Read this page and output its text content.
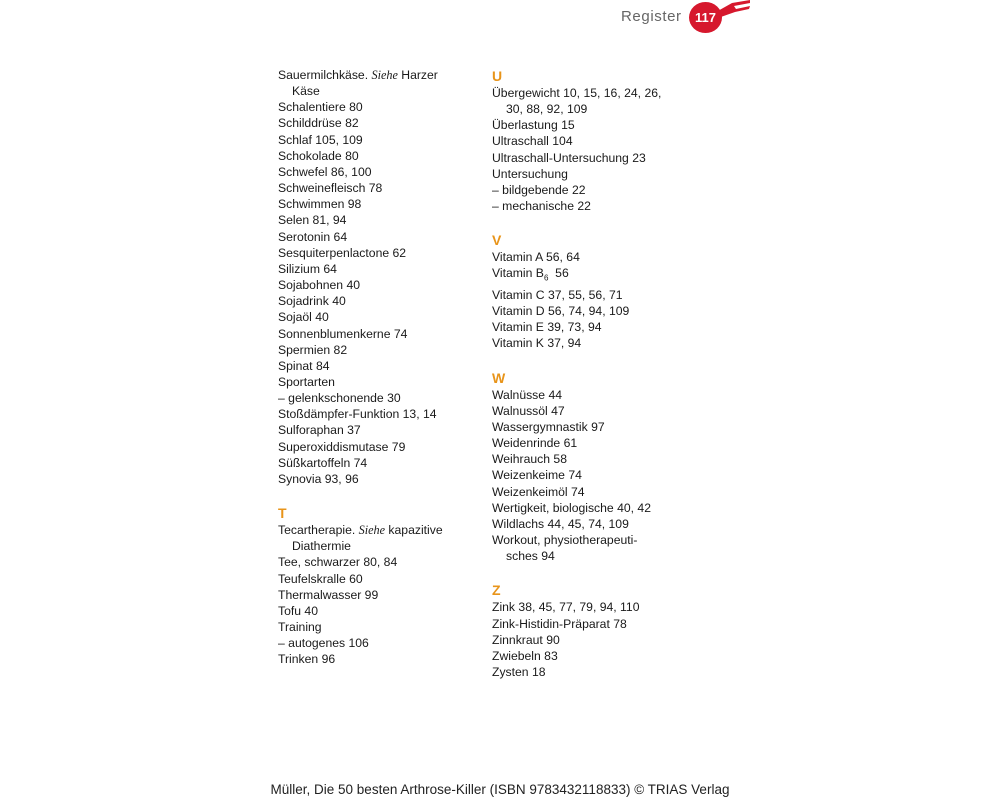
Register	117
Sauermilchkäse. Siehe Harzer
Käse
Schalentiere 80
Schilddrüse 82
Schlaf 105, 109
Schokolade 80
Schwefel 86, 100
Schweinefleisch 78
Schwimmen 98
Selen 81, 94
Serotonin 64
Sesquiterpenlactone 62
Silizium 64
Sojabohnen 40
Sojadrink 40
Sojaöl 40
Sonnenblumenkerne 74
Spermien 82
Spinat 84
Sportarten
– gelenkschonende 30
Stoßdämpfer-Funktion 13, 14
Sulforaphan 37
Superoxiddismutase 79
Süßkartoffeln 74
Synovia 93, 96
T
Tecartherapie. Siehe kapazitive
Diathermie
Tee, schwarzer 80, 84
Teufelskralle 60
Thermalwasser 99
Tofu 40
Training
– autogenes 106
Trinken 96
U
Übergewicht 10, 15, 16, 24, 26,
30, 88, 92, 109
Überlastung 15
Ultraschall 104
Ultraschall-Untersuchung 23
Untersuchung
– bildgebende 22
– mechanische 22
V
Vitamin A 56, 64
Vitamin $B_6$  56
Vitamin C 37, 55, 56, 71
Vitamin D 56, 74, 94, 109
Vitamin E 39, 73, 94
Vitamin K 37, 94
W
Walnüsse 44
Walnussöl 47
Wassergymnastik 97
Weidenrinde 61
Weihrauch 58
Weizenkeime 74
Weizenkeimöl 74
Wertigkeit, biologische 40, 42
Wildlachs 44, 45, 74, 109
Workout, physiotherapeuti-
sches 94
Z
Zink 38, 45, 77, 79, 94, 110
Zink-Histidin-Präparat 78
Zinnkraut 90
Zwiebeln 83
Zysten 18
Müller, Die 50 besten Arthrose-Killer (ISBN 9783432118833) © TRIAS Verlag
